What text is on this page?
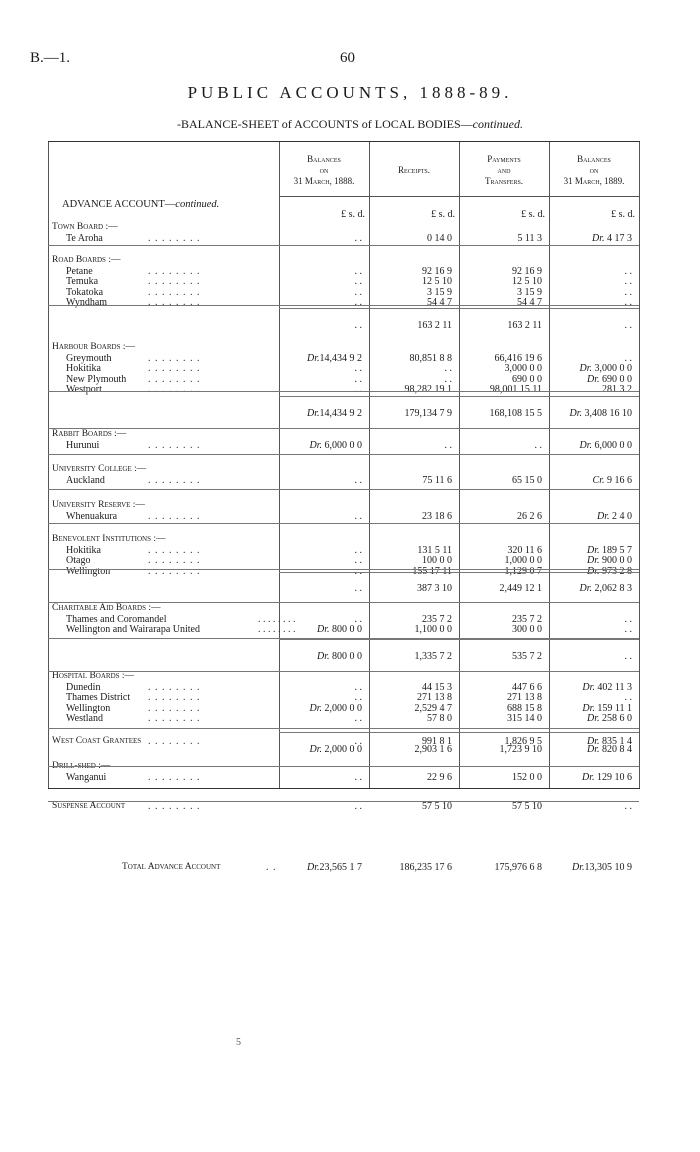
B.—1.	60
PUBLIC ACCOUNTS, 1888-89.
-BALANCE-SHEET of ACCOUNTS of LOCAL BODIES—continued.
Balances
on
31 March, 1888.
Receipts.
Payments
and
Transfers.
Balances
on
31 March, 1889.
£ s. d.	£ s. d.	£ s. d.	£ s. d.
ADVANCE ACCOUNT—continued.
Town Board :—
Te Aroha	. . . . . . . .	. .	0 14 0	5 11 3	Dr. 4 17 3
Road Boards :—
Petane	. . . . . . . .	. .	92 16 9	92 16 9	. .
Temuka	. . . . . . . .	. .	12 5 10	12 5 10	. .
Tokatoka	. . . . . . . .	. .	3 15 9	3 15 9	. .
Wyndham	. . . . . . . .	. .	54 4 7	54 4 7	. .
. .	163 2 11	163 2 11	. .
Harbour Boards :—
Greymouth	. . . . . . . .	Dr.14,434 9 2	80,851 8 8	66,416 19 6	. .
Hokitika	. . . . . . . .	. .	. .	3,000 0 0	Dr. 3,000 0 0
New Plymouth . . . . . . . .	. .	. .	690 0 0	Dr. 690 0 0
Westport	. . . . . . . .	. .	98,282 19 1	98,001 15 11	281 3 2
Dr.14,434 9 2	179,134 7 9	168,108 15 5	Dr. 3,408 16 10
Rabbit Boards :—
Hurunui	. . . . . . . .	Dr. 6,000 0 0	. .	. .	Dr. 6,000 0 0
University College :—
Auckland	. . . . . . . .	. .	75 11 6	65 15 0	Cr. 9 16 6
University Reserve :—
Whenuakura	. . . . . . . .	. .	23 18 6	26 2 6	Dr. 2 4 0
Benevolent Institutions :—
Hokitika	. . . . . . . .	. .	131 5 11	320 11 6	Dr. 189 5 7
Otago	. . . . . . . .	. .	100 0 0	1,000 0 0	Dr. 900 0 0
Wellington	. . . . . . . .	. .	155 17 11	1,129 0 7	Dr. 973 2 8
. .	387 3 10	2,449 12 1	Dr. 2,062 8 3
Charitable Aid Boards :—
Thames and Coromandel	. . . . . . . .	. .	235 7 2	235 7 2	. .
Wellington and Wairarapa United	. . . . . . . .	Dr. 800 0 0	1,100 0 0	300 0 0	. .
Dr. 800 0 0	1,335 7 2	535 7 2	. .
Hospital Boards :—
Dunedin	. . . . . . . .	. .	44 15 3	447 6 6	Dr. 402 11 3
Thames District . . . . . . . .	. .	271 13 8	271 13 8	. .
Wellington	. . . . . . . .	Dr. 2,000 0 0	2,529 4 7	688 15 8	Dr. 159 11 1
Westland	. . . . . . . .	. .	57 8 0	315 14 0	Dr. 258 6 0
Dr. 2,000 0 0	2,903 1 6	1,723 9 10	Dr. 820 8 4
West Coast Grantees . . . . . . . .	. .	991 8 1	1,826 9 5	Dr. 835 1 4
Drill-shed :—
Wanganui	. . . . . . . .	. .	22 9 6	152 0 0	Dr. 129 10 6
Suspense Account . . . . . . . .	. .	57 5 10	57 5 10	. .
Total Advance Account	. .	Dr.23,565 1 7	186,235 17 6	175,976 6 8	Dr.13,305 10 9
5
